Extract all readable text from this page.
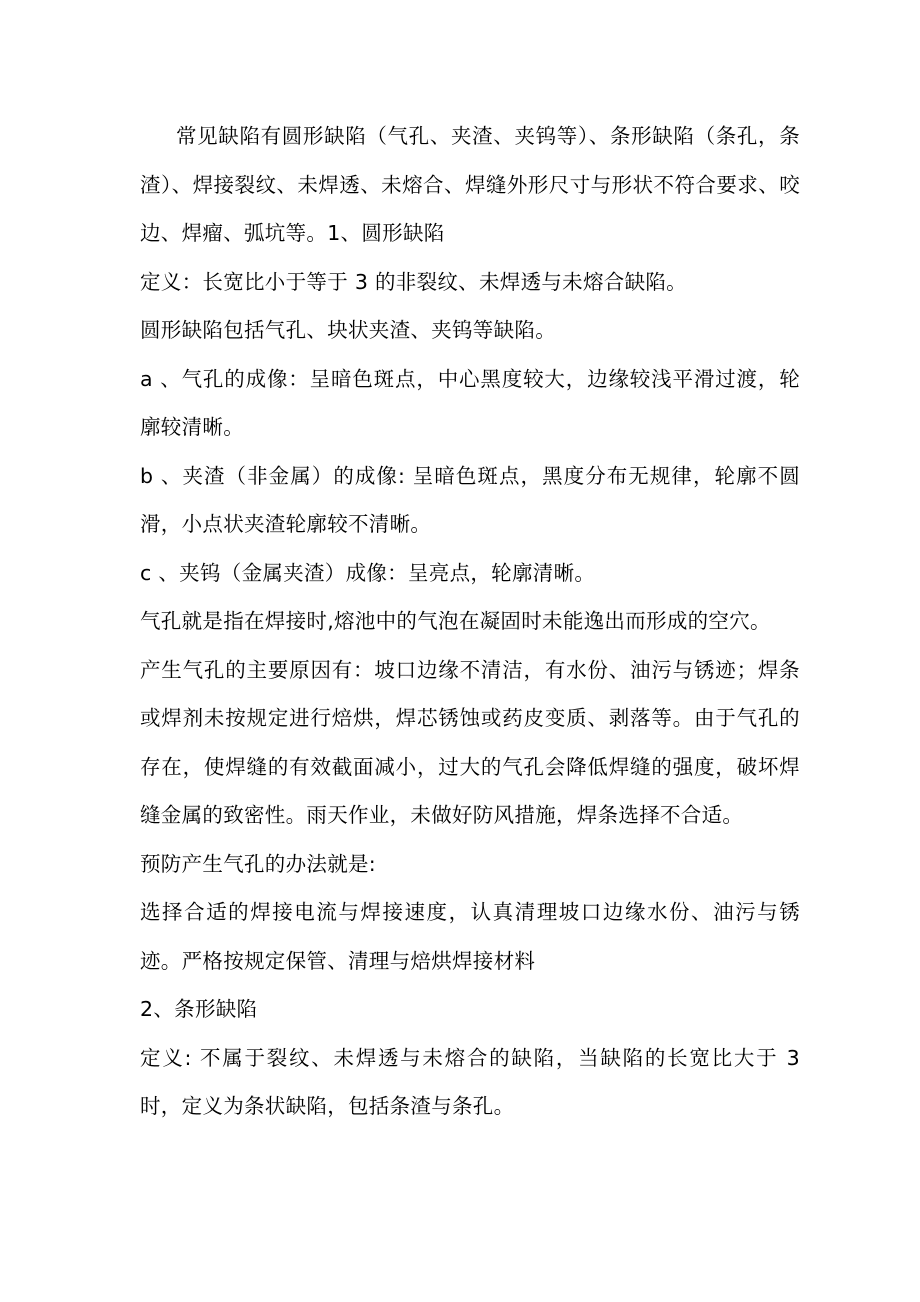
常见缺陷有圆形缺陷（气孔、夹渣、夹钨等）、条形缺陷（条孔，条渣）、焊接裂纹、未焊透、未熔合、焊缝外形尺寸与形状不符合要求、咬边、焊瘤、弧坑等。1、圆形缺陷

定义：长宽比小于等于 3 的非裂纹、未焊透与未熔合缺陷。

圆形缺陷包括气孔、块状夹渣、夹钨等缺陷。

a 、气孔的成像：呈暗色斑点，中心黑度较大，边缘较浅平滑过渡，轮廓较清晰。

b 、夹渣（非金属）的成像: 呈暗色斑点，黑度分布无规律，轮廓不圆滑，小点状夹渣轮廓较不清晰。

c 、夹钨（金属夹渣）成像：呈亮点，轮廓清晰。

气孔就是指在焊接时,熔池中的气泡在凝固时未能逸出而形成的空穴。

产生气孔的主要原因有：坡口边缘不清洁，有水份、油污与锈迹；焊条或焊剂未按规定进行焙烘，焊芯锈蚀或药皮变质、剥落等。由于气孔的存在，使焊缝的有效截面减小，过大的气孔会降低焊缝的强度，破坏焊缝金属的致密性。雨天作业，未做好防风措施，焊条选择不合适。

预防产生气孔的办法就是:

选择合适的焊接电流与焊接速度，认真清理坡口边缘水份、油污与锈迹。严格按规定保管、清理与焙烘焊接材料

2、条形缺陷

定义: 不属于裂纹、未焊透与未熔合的缺陷，当缺陷的长宽比大于 3 时，定义为条状缺陷，包括条渣与条孔。
